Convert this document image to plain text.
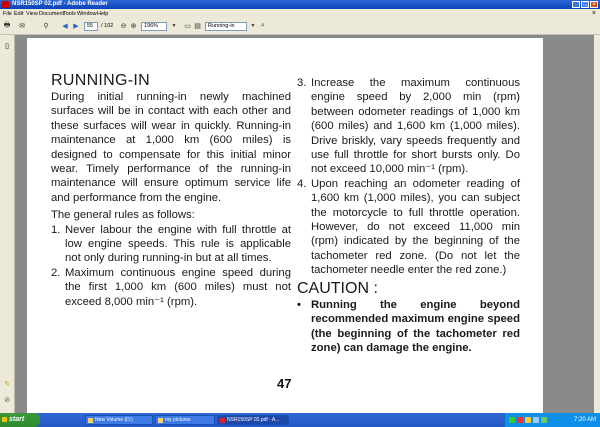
NSR150SP 02.pdf - Adobe Reader	_ □ ×
File Edit View Document
Tools Window Help	×
🖶 ✉	⚲	◀ ▶	55	/ 102 ⊖ ⊕	196%	▼ ▭ ▤	Running-in	▼ ⌕
▯
✎
⊘
RUNNING-IN

During initial running-in newly machined surfaces will be in contact with each other and these surfaces will wear in quickly. Running-in maintenance at 1,000 km (600 miles) is designed to compensate for this initial minor wear. Timely performance of the running-in maintenance will ensure optimum service life and performance from the engine.

The general rules as follows:

1. Never labour the engine with full throttle at low engine speeds. This rule is applicable not only during running-in but at all times.
2. Maximum continuous engine speed during the first 1,000 km (600 miles) must not exceed 8,000 min⁻¹ (rpm).
3. Increase the maximum continuous engine speed by 2,000 min (rpm) between odometer readings of 1,000 km (600 miles) and 1,600 km (1,000 miles). Drive briskly, vary speeds frequently and use full throttle for short bursts only. Do not exceed 10,000 min⁻¹ (rpm).
4. Upon reaching an odometer reading of 1,600 km (1,000 miles), you can subject the motorcycle to full throttle operation. However, do not exceed 11,000 min (rpm) indicated by the beginning of the tachometer red zone. (Do not let the tachometer needle enter the red zone.)
CAUTION :
• Running the engine beyond recommended maximum engine speed (the beginning of the tachometer red zone) can damage the engine.
47
start	New Volume (D:)	my pictures	NSR150SP 02.pdf - A...	7:20 AM
